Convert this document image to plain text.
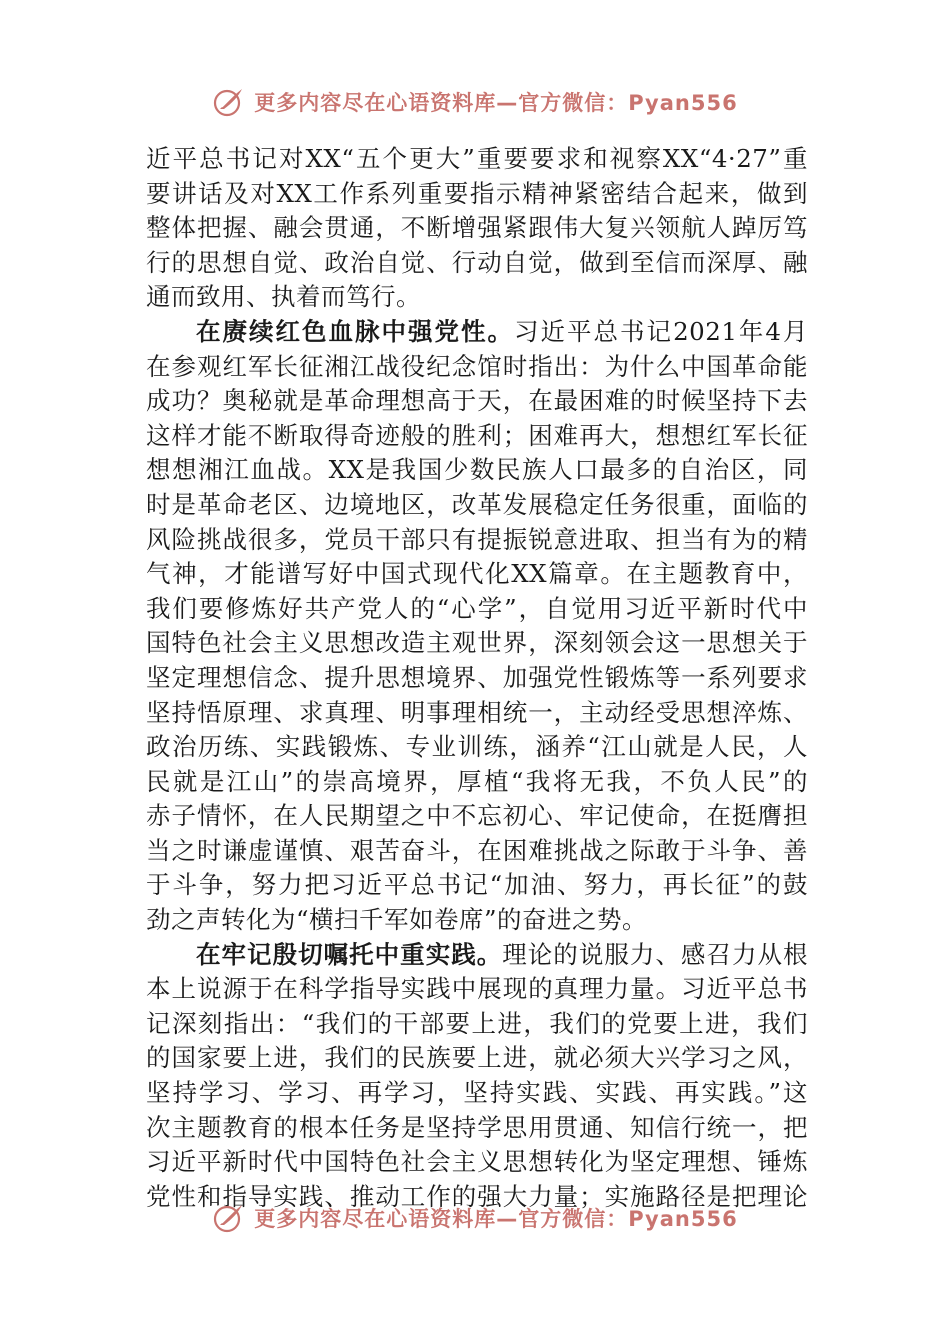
更多内容尽在心语资料库—官方微信：Pyan556
近平总书记对XX“五个更大”重要要求和视察XX“4·27”重
要讲话及对XX工作系列重要指示精神紧密结合起来，做到
整体把握、融会贯通，不断增强紧跟伟大复兴领航人踔厉笃
行的思想自觉、政治自觉、行动自觉，做到至信而深厚、融
通而致用、执着而笃行。
在赓续红色血脉中强党性。习近平总书记2021年4月
在参观红军长征湘江战役纪念馆时指出：为什么中国革命能
成功？奥秘就是革命理想高于天，在最困难的时候坚持下去
这样才能不断取得奇迹般的胜利；困难再大，想想红军长征
想想湘江血战。XX是我国少数民族人口最多的自治区，同
时是革命老区、边境地区，改革发展稳定任务很重，面临的
风险挑战很多，党员干部只有提振锐意进取、担当有为的精
气神，才能谱写好中国式现代化XX篇章。在主题教育中，
我们要修炼好共产党人的“心学”，自觉用习近平新时代中
国特色社会主义思想改造主观世界，深刻领会这一思想关于
坚定理想信念、提升思想境界、加强党性锻炼等一系列要求
坚持悟原理、求真理、明事理相统一，主动经受思想淬炼、
政治历练、实践锻炼、专业训练，涵养“江山就是人民，人
民就是江山”的崇高境界，厚植“我将无我，不负人民”的
赤子情怀，在人民期望之中不忘初心、牢记使命，在挺膺担
当之时谦虚谨慎、艰苦奋斗，在困难挑战之际敢于斗争、善
于斗争，努力把习近平总书记“加油、努力，再长征”的鼓
劲之声转化为“横扫千军如卷席”的奋进之势。
在牢记殷切嘱托中重实践。理论的说服力、感召力从根
本上说源于在科学指导实践中展现的真理力量。习近平总书
记深刻指出：“我们的干部要上进，我们的党要上进，我们
的国家要上进，我们的民族要上进，就必须大兴学习之风，
坚持学习、学习、再学习，坚持实践、实践、再实践。”这
次主题教育的根本任务是坚持学思用贯通、知信行统一，把
习近平新时代中国特色社会主义思想转化为坚定理想、锤炼
党性和指导实践、推动工作的强大力量；实施路径是把理论
更多内容尽在心语资料库—官方微信：Pyan556
